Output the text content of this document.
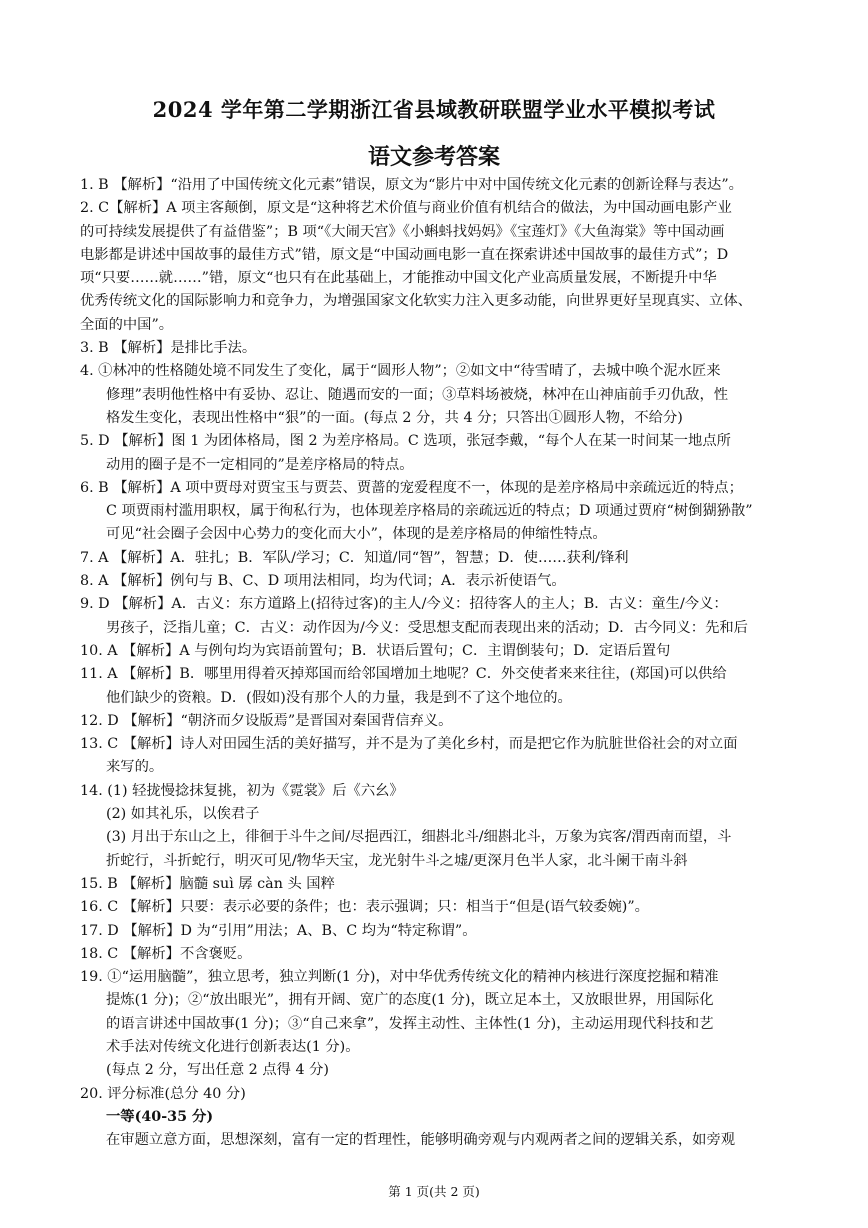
2024 学年第二学期浙江省县域教研联盟学业水平模拟考试
语文参考答案
1. B 【解析】“沿用了中国传统文化元素”错误，原文为“影片中对中国传统文化元素的创新诠释与表达”。
2. C【解析】A 项主客颠倒，原文是“这种将艺术价值与商业价值有机结合的做法，为中国动画电影产业
的可持续发展提供了有益借鉴”；B 项“《大闹天宫》《小蝌蚪找妈妈》《宝莲灯》《大鱼海棠》等中国动画
电影都是讲述中国故事的最佳方式”错，原文是“中国动画电影一直在探索讲述中国故事的最佳方式”；D
项“只要……就……”错，原文“也只有在此基础上，才能推动中国文化产业高质量发展，不断提升中华
优秀传统文化的国际影响力和竞争力，为增强国家文化软实力注入更多动能，向世界更好呈现真实、立体、
全面的中国”。
3. B 【解析】是排比手法。
4. ①林冲的性格随处境不同发生了变化，属于“圆形人物”；②如文中“待雪晴了，去城中唤个泥水匠来
修理”表明他性格中有妥协、忍让、随遇而安的一面；③草料场被烧，林冲在山神庙前手刃仇敌，性
格发生变化，表现出性格中“狠”的一面。(每点 2 分，共 4 分；只答出①圆形人物，不给分)
5. D 【解析】图 1 为团体格局，图 2 为差序格局。C 选项，张冠李戴，“每个人在某一时间某一地点所
动用的圈子是不一定相同的”是差序格局的特点。
6. B 【解析】A 项中贾母对贾宝玉与贾芸、贾蔷的宠爱程度不一，体现的是差序格局中亲疏远近的特点；
C 项贾雨村滥用职权，属于徇私行为，也体现差序格局的亲疏远近的特点；D 项通过贾府“树倒猢狲散”
可见“社会圈子会因中心势力的变化而大小”，体现的是差序格局的伸缩性特点。
7. A 【解析】A．驻扎；B．军队/学习；C．知道/同“智”，智慧；D．使……获利/锋利
8. A 【解析】例句与 B、C、D 项用法相同，均为代词；A．表示祈使语气。
9. D 【解析】A．古义：东方道路上(招待过客)的主人/今义：招待客人的主人；B．古义：童生/今义：
男孩子，泛指儿童；C．古义：动作因为/今义：受思想支配而表现出来的活动；D．古今同义：先和后
10. A 【解析】A 与例句均为宾语前置句；B．状语后置句；C．主谓倒装句；D．定语后置句
11. A 【解析】B．哪里用得着灭掉郑国而给邻国增加土地呢？C．外交使者来来往往，(郑国)可以供给
他们缺少的资粮。D．(假如)没有那个人的力量，我是到不了这个地位的。
12. D 【解析】“朝济而夕设版焉”是晋国对秦国背信弃义。
13. C 【解析】诗人对田园生活的美好描写，并不是为了美化乡村，而是把它作为肮脏世俗社会的对立面
来写的。
14. (1) 轻拢慢捻抹复挑，初为《霓裳》后《六幺》
(2) 如其礼乐，以俟君子
(3) 月出于东山之上，徘徊于斗牛之间/尽挹西江，细斟北斗/细斟北斗，万象为宾客/渭西南而望，斗
折蛇行，斗折蛇行，明灭可见/物华天宝，龙光射牛斗之墟/更深月色半人家，北斗阑干南斗斜
15. B 【解析】脑髓 suì 孱 càn 头 国粹
16. C 【解析】只要：表示必要的条件；也：表示强调；只：相当于“但是(语气较委婉)”。
17. D 【解析】D 为“引用”用法；A、B、C 均为“特定称谓”。
18. C 【解析】不含褒贬。
19. ①“运用脑髓”，独立思考，独立判断(1 分)，对中华优秀传统文化的精神内核进行深度挖掘和精准
提炼(1 分)；②“放出眼光”，拥有开阔、宽广的态度(1 分)，既立足本土，又放眼世界，用国际化
的语言讲述中国故事(1 分)；③“自己来拿”，发挥主动性、主体性(1 分)，主动运用现代科技和艺
术手法对传统文化进行创新表达(1 分)。
(每点 2 分，写出任意 2 点得 4 分)
20. 评分标准(总分 40 分)
一等(40-35 分)
在审题立意方面，思想深刻，富有一定的哲理性，能够明确旁观与内观两者之间的逻辑关系，如旁观
第 1 页(共 2 页)
